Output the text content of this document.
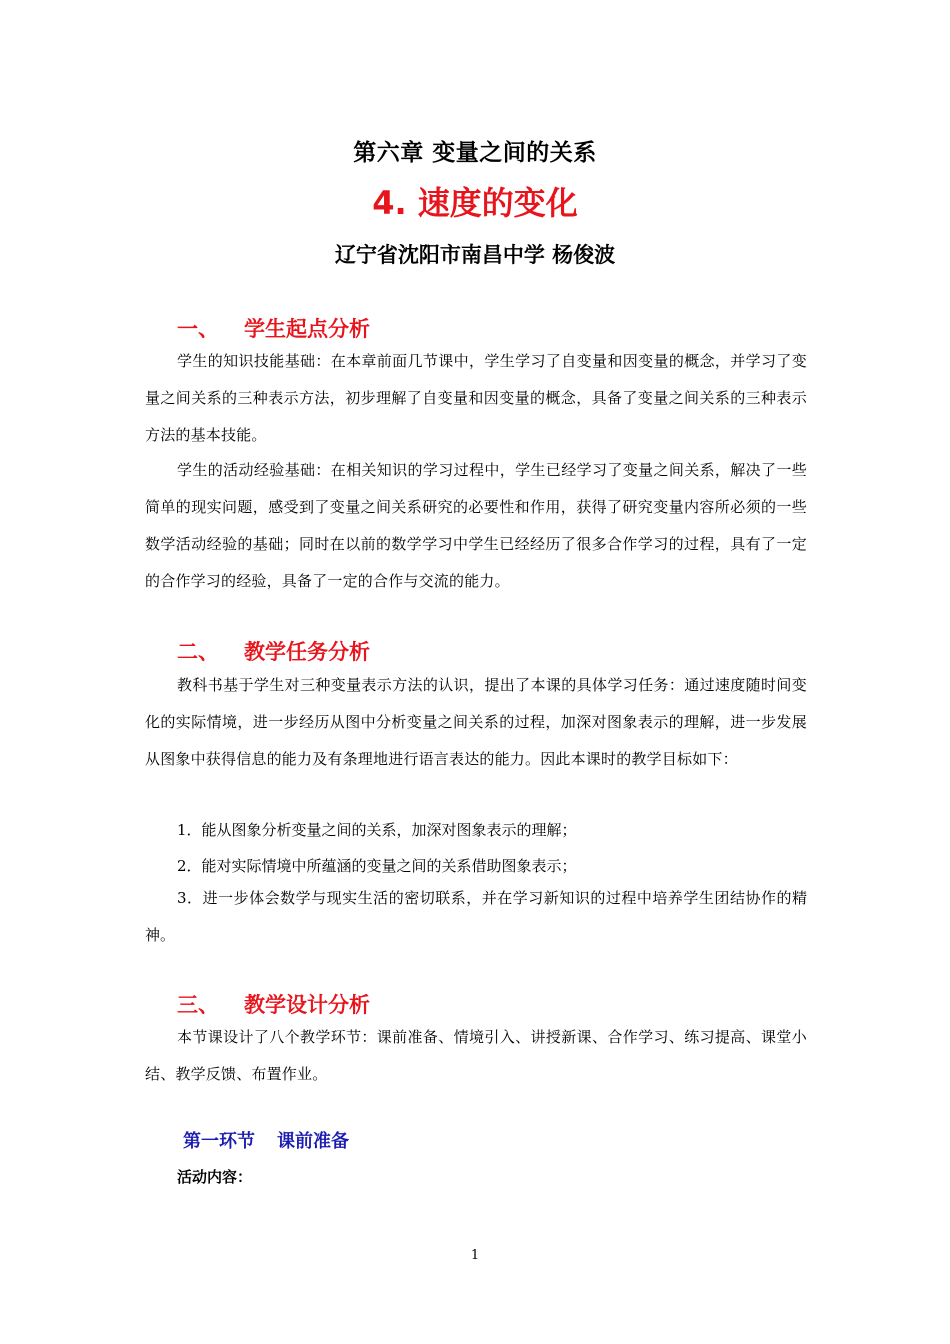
第六章 变量之间的关系
4. 速度的变化
辽宁省沈阳市南昌中学 杨俊波
一、 学生起点分析
学生的知识技能基础：在本章前面几节课中，学生学习了自变量和因变量的概念，并学习了变量之间关系的三种表示方法，初步理解了自变量和因变量的概念，具备了变量之间关系的三种表示方法的基本技能。
学生的活动经验基础：在相关知识的学习过程中，学生已经学习了变量之间关系，解决了一些简单的现实问题，感受到了变量之间关系研究的必要性和作用，获得了研究变量内容所必须的一些数学活动经验的基础；同时在以前的数学学习中学生已经经历了很多合作学习的过程，具有了一定的合作学习的经验，具备了一定的合作与交流的能力。
二、 教学任务分析
教科书基于学生对三种变量表示方法的认识，提出了本课的具体学习任务：通过速度随时间变化的实际情境，进一步经历从图中分析变量之间关系的过程，加深对图象表示的理解，进一步发展从图象中获得信息的能力及有条理地进行语言表达的能力。因此本课时的教学目标如下：
1．能从图象分析变量之间的关系，加深对图象表示的理解；
2．能对实际情境中所蕴涵的变量之间的关系借助图象表示；
3．进一步体会数学与现实生活的密切联系，并在学习新知识的过程中培养学生团结协作的精神。
三、 教学设计分析
本节课设计了八个教学环节：课前准备、情境引入、讲授新课、合作学习、练习提高、课堂小结、教学反馈、布置作业。
第一环节 课前准备
活动内容：
1
